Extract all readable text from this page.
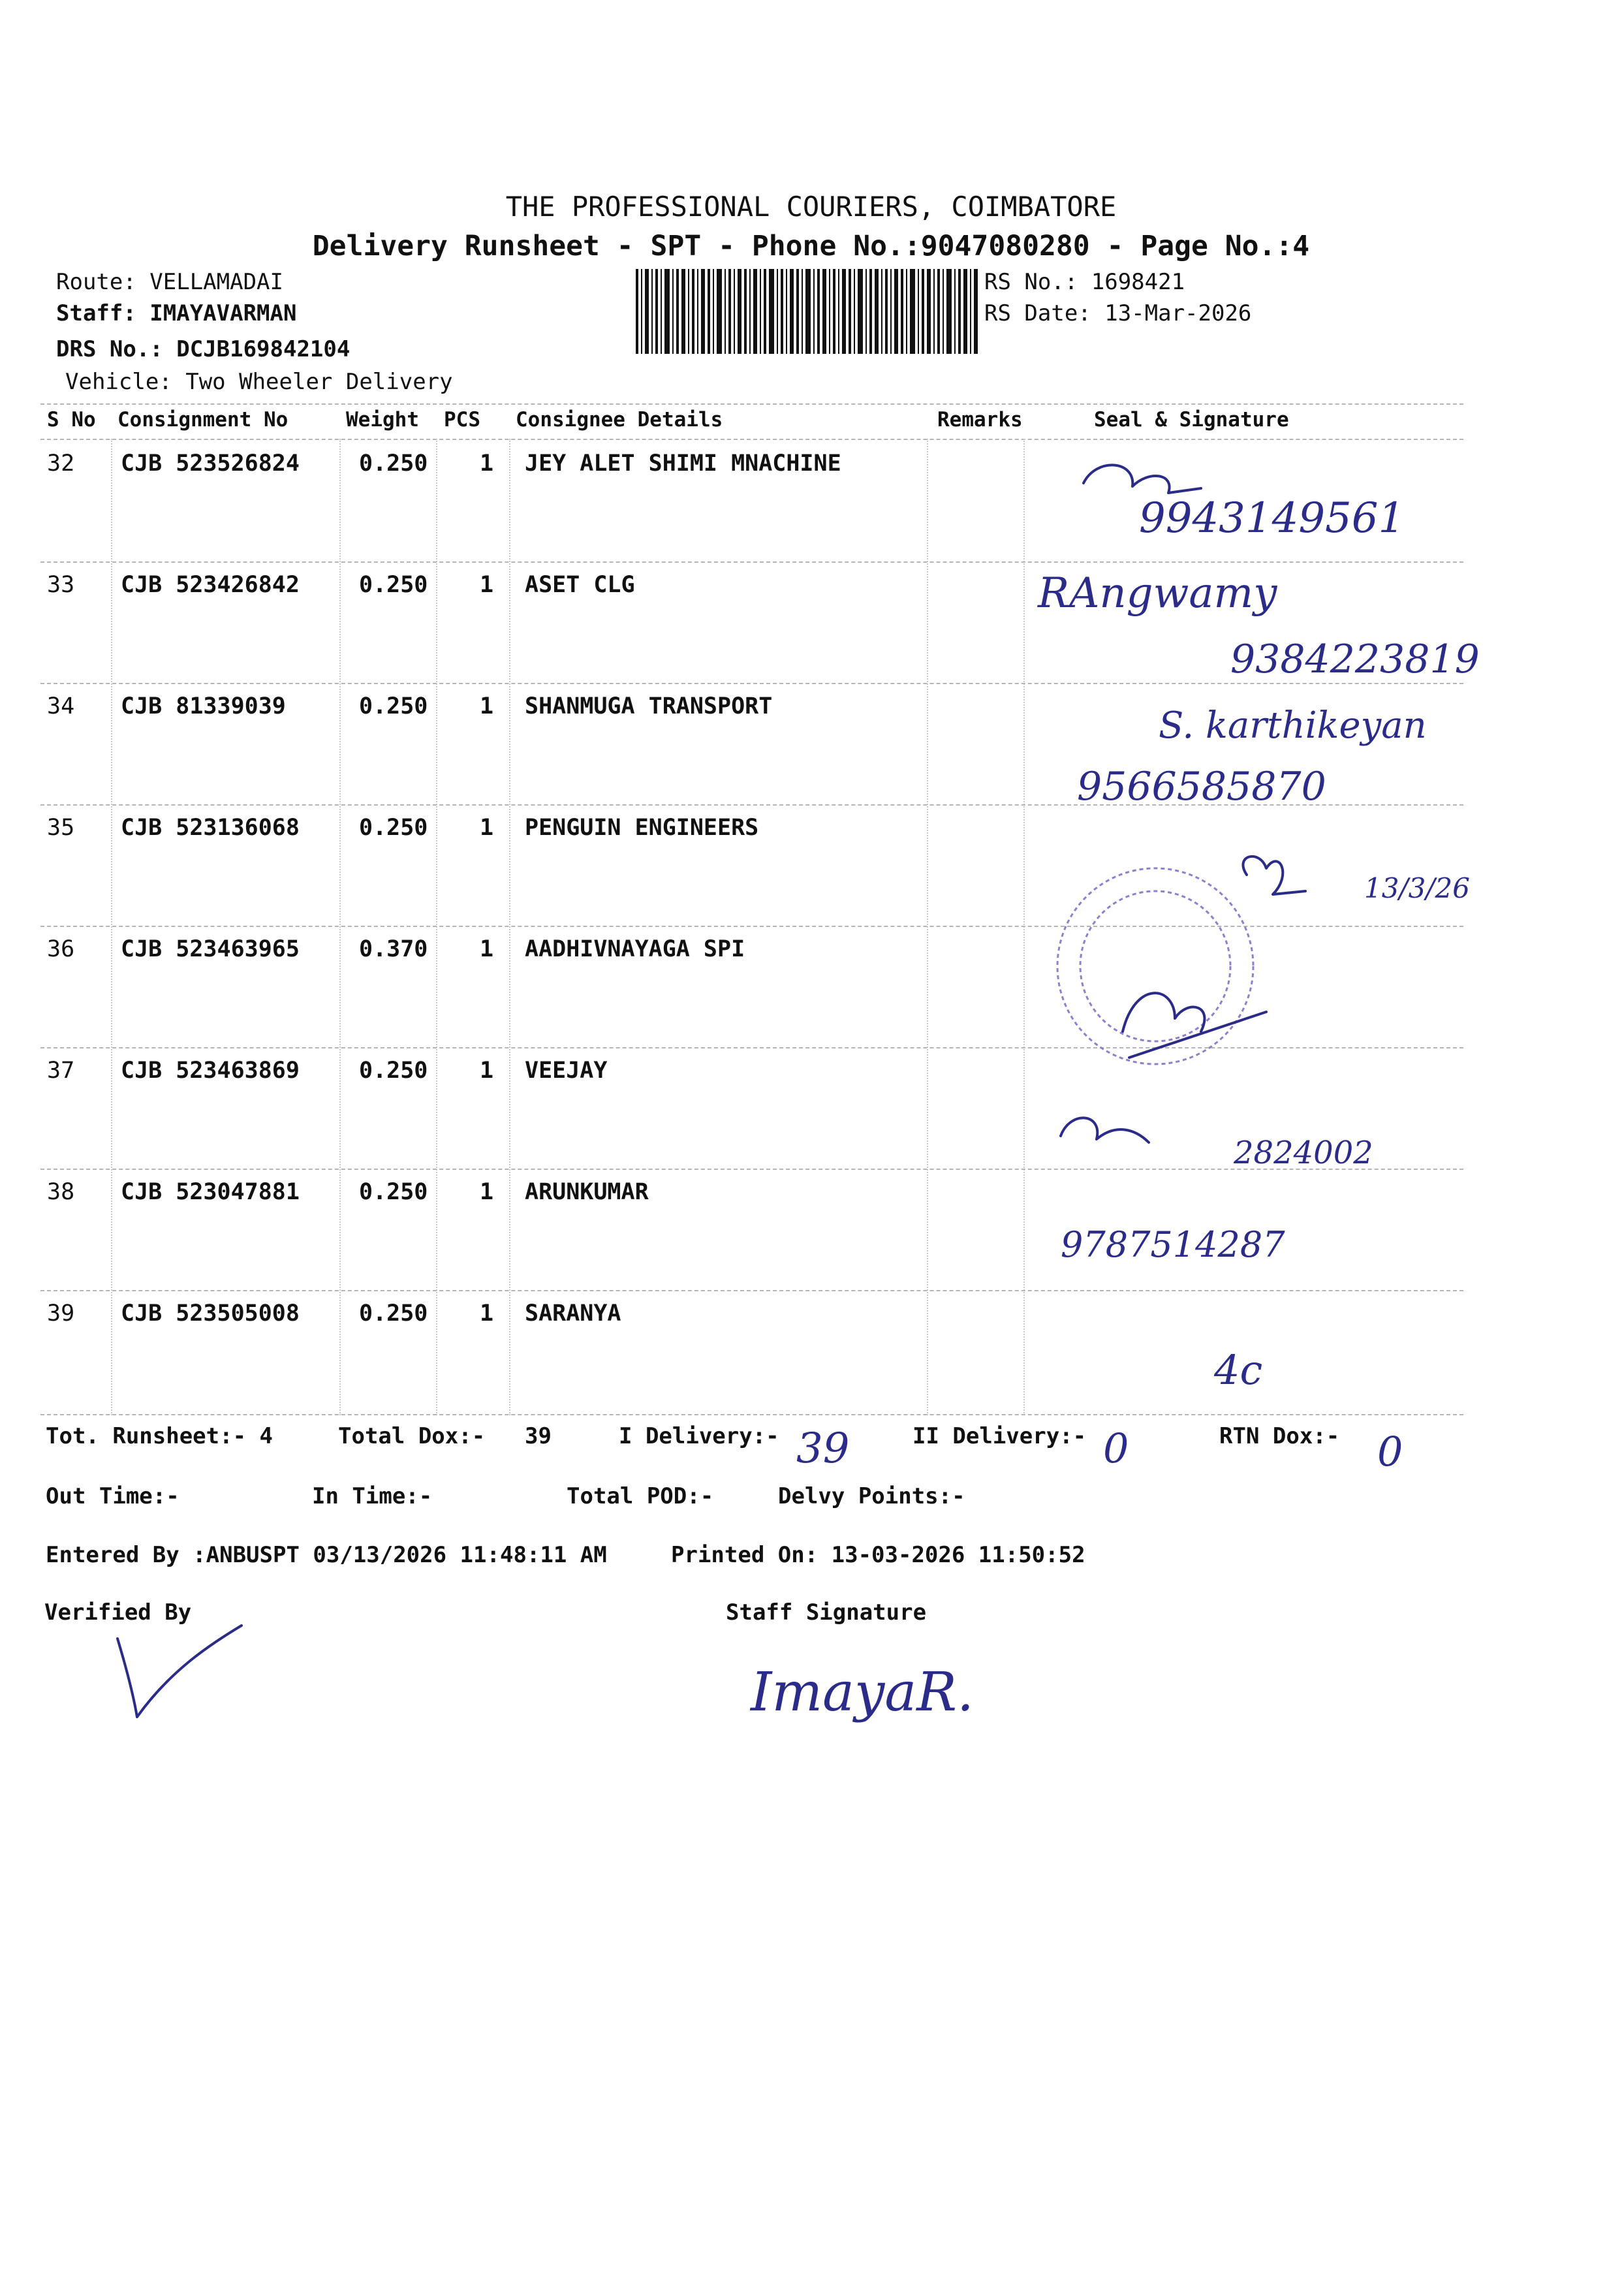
THE PROFESSIONAL COURIERS, COIMBATORE
Delivery Runsheet - SPT - Phone No.:9047080280 - Page No.:4
Route: VELLAMADAI
Staff: IMAYAVARMAN
DRS No.: DCJB169842104
Vehicle: Two Wheeler Delivery
RS No.: 1698421
RS Date: 13-Mar-2026
S No Consignment No	Weight PCS Consignee Details	Remarks	Seal & Signature
32 CJB 523526824	0.250 1 JEY ALET SHIMI MNACHINE
33 CJB 523426842	0.250 1 ASET CLG
34 CJB 81339039	0.250 1 SHANMUGA TRANSPORT
35 CJB 523136068	0.250 1 PENGUIN ENGINEERS
36 CJB 523463965	0.370 1 AADHIVNAYAGA SPI
37 CJB 523463869	0.250 1 VEEJAY
38 CJB 523047881	0.250 1 ARUNKUMAR
39 CJB 523505008	0.250 1 SARANYA
9943149561
RAngwamy
9384223819
S. karthikeyan
9566585870
13/3/26
2824002
9787514287
4c
39	0	0
ImayaR.
Tot. Runsheet:- 4	Total Dox:- 39	I Delivery:-	II Delivery:-	RTN Dox:-
Out Time:-	In Time:-	Total POD:-	Delvy Points:-
Entered By :ANBUSPT 03/13/2026 11:48:11 AM	Printed On: 13-03-2026 11:50:52
Verified By	Staff Signature
